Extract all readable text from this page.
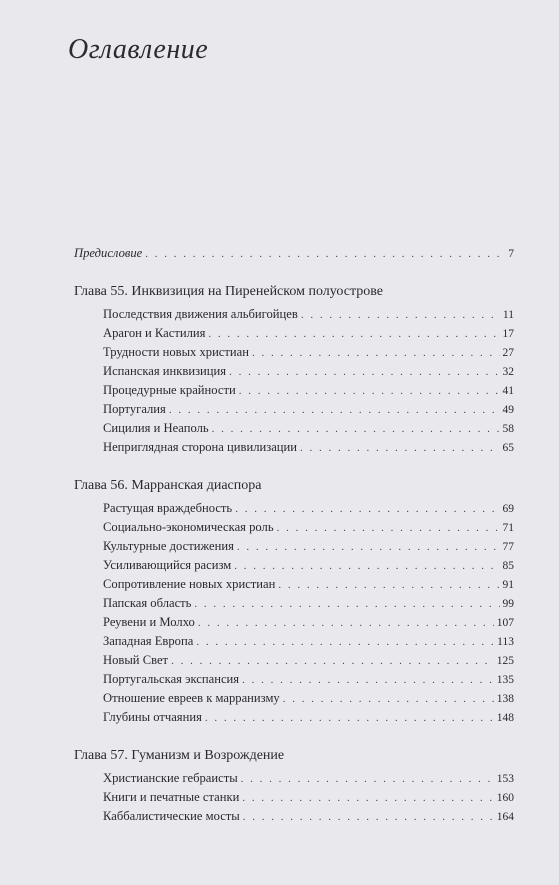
Оглавление
Предисловие . . .	7
Глава 55. Инквизиция на Пиренейском полуострове
Последствия движения альбигойцев . . .	11
Арагон и Кастилия . . .	17
Трудности новых христиан . . .	27
Испанская инквизиция . . .	32
Процедурные крайности . . .	41
Португалия . . .	49
Сицилия и Неаполь . . .	58
Неприглядная сторона цивилизации . . .	65
Глава 56. Марранская диаспора
Растущая враждебность . . .	69
Социально-экономическая роль . . .	71
Культурные достижения . . .	77
Усиливающийся расизм . . .	85
Сопротивление новых христиан . . .	91
Папская область . . .	99
Реувени и Молхо . . .	107
Западная Европа . . .	113
Новый Свет . . .	125
Португальская экспансия . . .	135
Отношение евреев к марранизму . . .	138
Глубины отчаяния . . .	148
Глава 57. Гуманизм и Возрождение
Христианские гебраисты . . .	153
Книги и печатные станки . . .	160
Каббалистические мосты . . .	164
